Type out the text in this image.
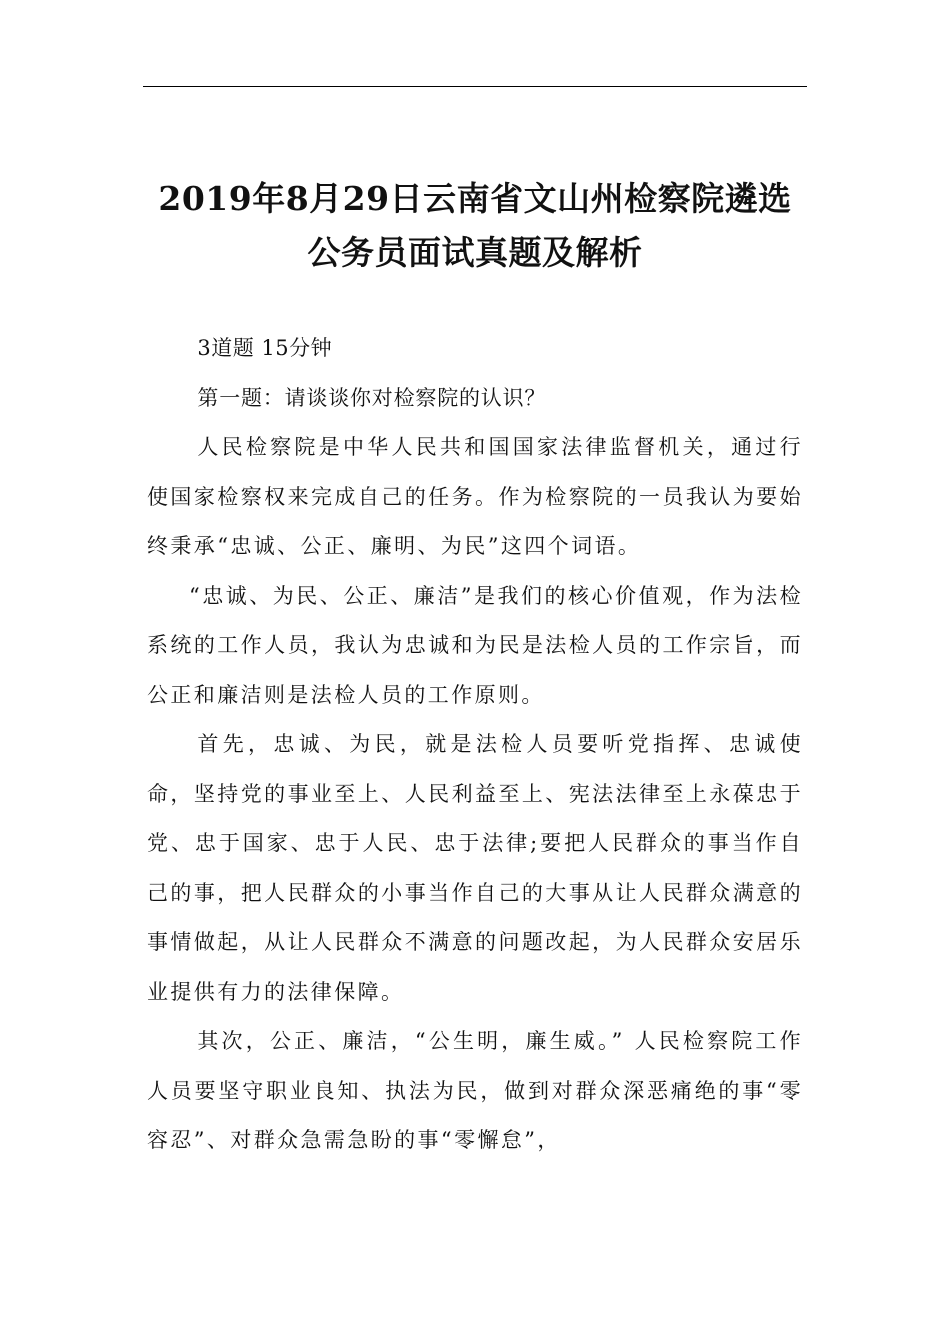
2019年8月29日云南省文山州检察院遴选
公务员面试真题及解析

3道题 15分钟

第一题：请谈谈你对检察院的认识？

人民检察院是中华人民共和国国家法律监督机关，通过行使国家检察权来完成自己的任务。作为检察院的一员我认为要始终秉承“忠诚、公正、廉明、为民”这四个词语。

“忠诚、为民、公正、廉洁”是我们的核心价值观，作为法检系统的工作人员，我认为忠诚和为民是法检人员的工作宗旨，而公正和廉洁则是法检人员的工作原则。

首先，忠诚、为民，就是法检人员要听党指挥、忠诚使命，坚持党的事业至上、人民利益至上、宪法法律至上永葆忠于党、忠于国家、忠于人民、忠于法律;要把人民群众的事当作自己的事，把人民群众的小事当作自己的大事从让人民群众满意的事情做起，从让人民群众不满意的问题改起，为人民群众安居乐业提供有力的法律保障。

其次，公正、廉洁，“公生明，廉生威。” 人民检察院工作人员要坚守职业良知、执法为民，做到对群众深恶痛绝的事“零容忍”、对群众急需急盼的事“零懈怠”，
